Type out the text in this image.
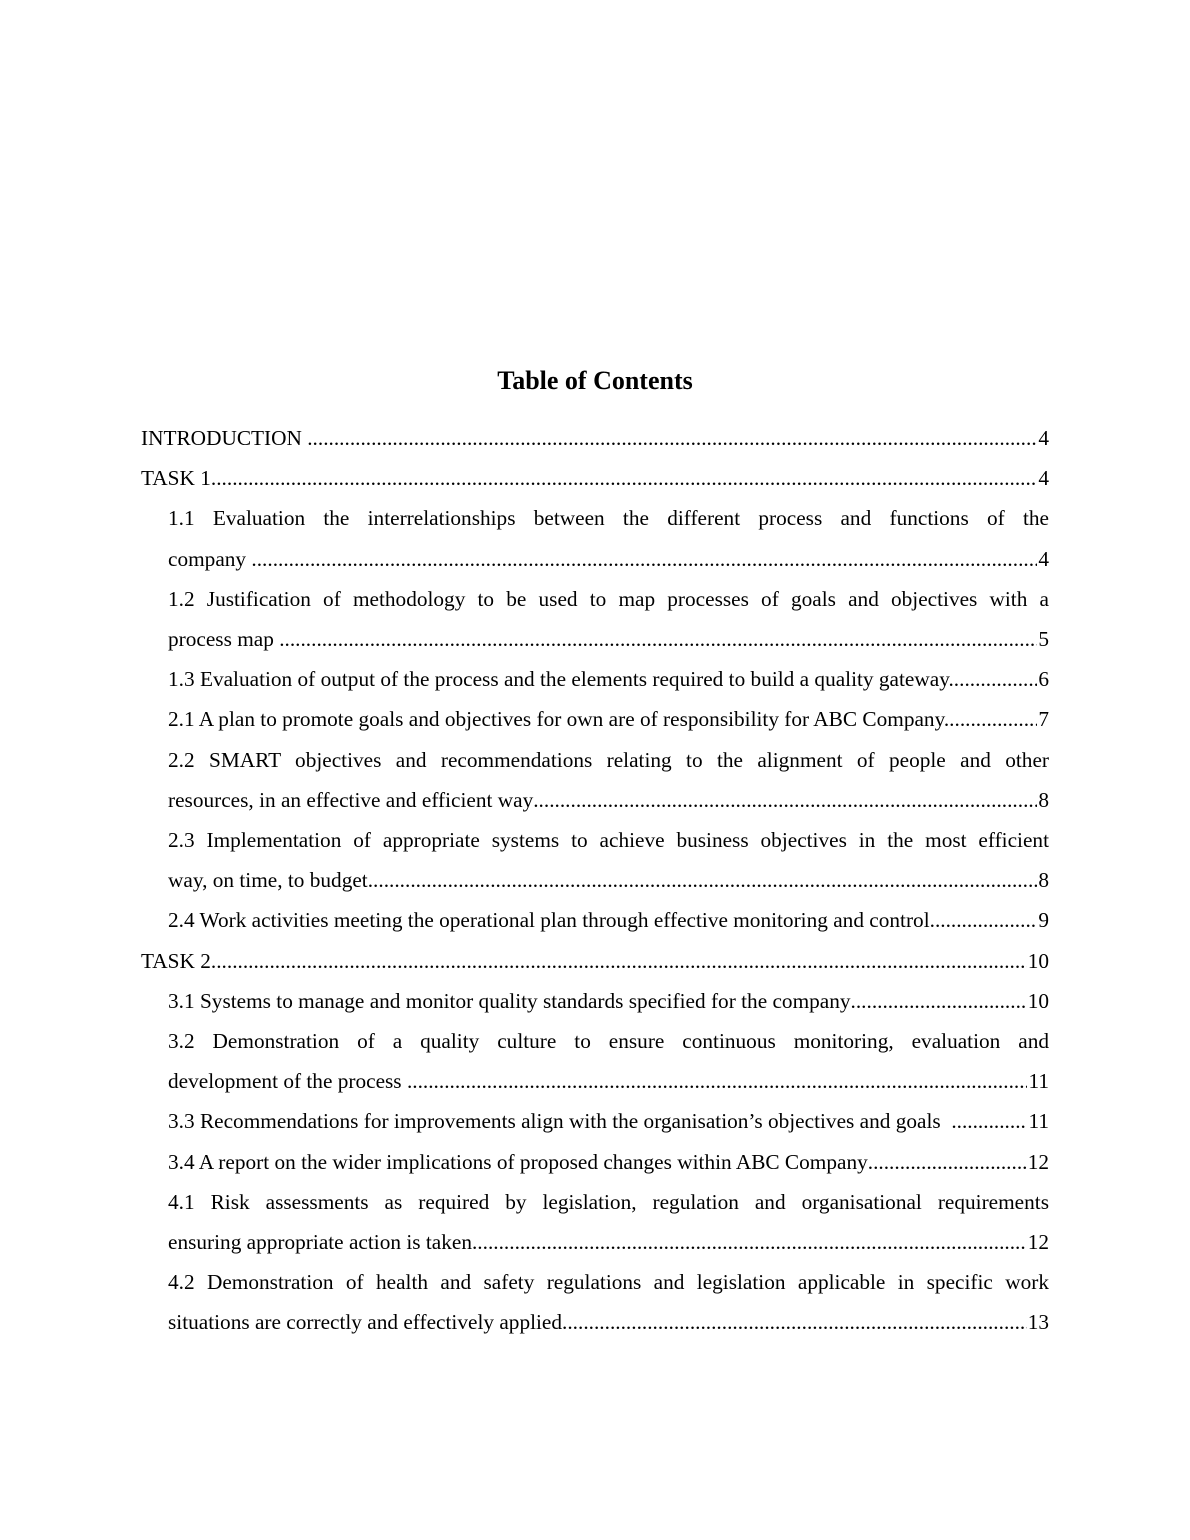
Table of Contents
INTRODUCTION .....	4
TASK 1 .....	4
1.1 Evaluation the interrelationships between the different process and functions of the
company .....	4
1.2 Justification of methodology to be used to map processes of goals and objectives with a
process map .....	5
1.3 Evaluation of output of the process and the elements required to build a quality gateway. .....	6
2.1 A plan to promote goals and objectives for own are of responsibility for ABC Company. .....	7
2.2 SMART objectives and recommendations relating to the alignment of people and other
resources, in an effective and efficient way .....	8
2.3 Implementation of appropriate systems to achieve business objectives in the most efficient
way, on time, to budget .....	8
2.4 Work activities meeting the operational plan through effective monitoring and control. .....	9
TASK 2 .....	10
3.1 Systems to manage and monitor quality standards specified for the company .....	10
3.2 Demonstration of a quality culture to ensure continuous monitoring, evaluation and
development of the process .....	11
3.3 Recommendations for improvements align with the organisation’s objectives and goals .....	11
3.4 A report on the wider implications of proposed changes within ABC Company .....	12
4.1 Risk assessments as required by legislation, regulation and organisational requirements
ensuring appropriate action is taken .....	12
4.2 Demonstration of health and safety regulations and legislation applicable in specific work
situations are correctly and effectively applied .....	13
